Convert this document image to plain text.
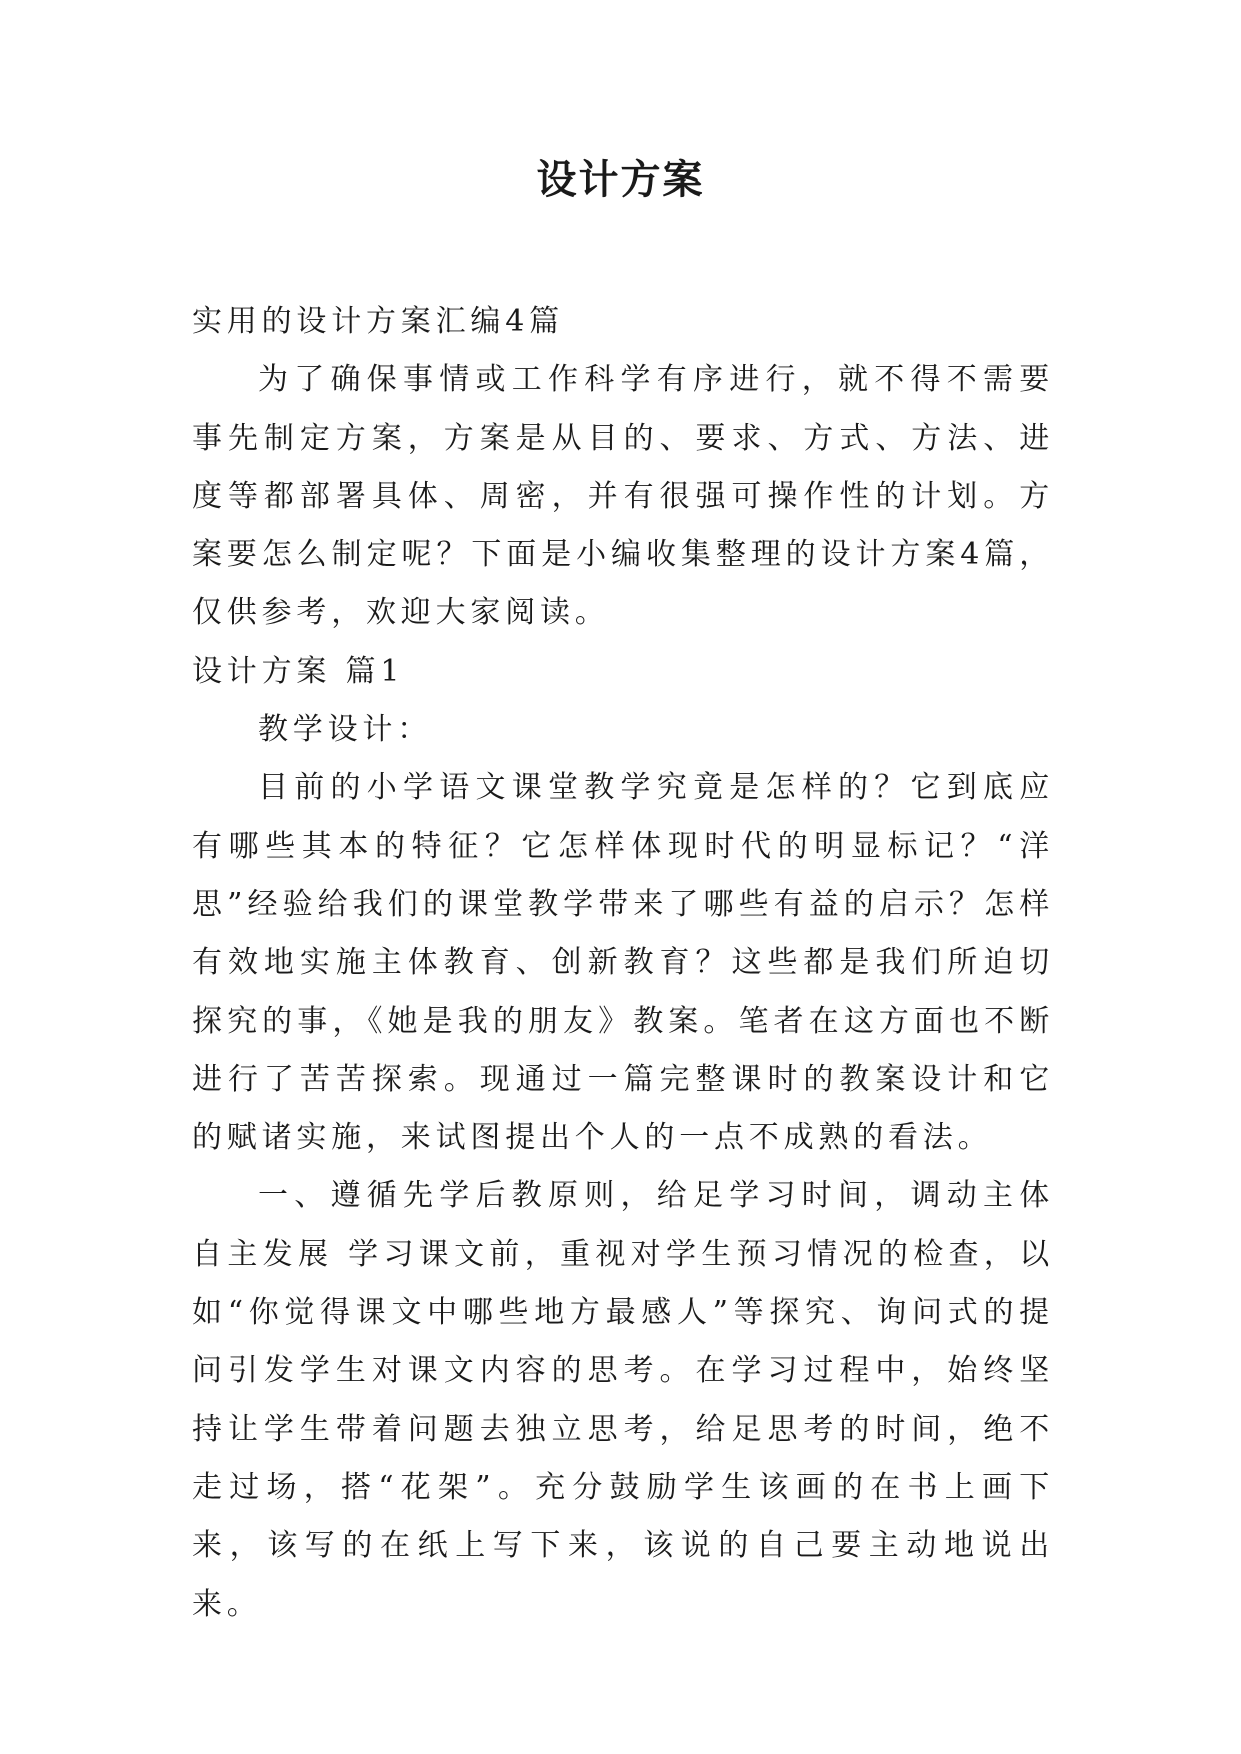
设计方案

实用的设计方案汇编4篇

为了确保事情或工作科学有序进行，就不得不需要事先制定方案，方案是从目的、要求、方式、方法、进度等都部署具体、周密，并有很强可操作性的计划。方案要怎么制定呢？下面是小编收集整理的设计方案4篇，仅供参考，欢迎大家阅读。

设计方案 篇1

教学设计：

目前的小学语文课堂教学究竟是怎样的？它到底应有哪些其本的特征？它怎样体现时代的明显标记？“洋思”经验给我们的课堂教学带来了哪些有益的启示？怎样有效地实施主体教育、创新教育？这些都是我们所迫切探究的事，《她是我的朋友》教案。笔者在这方面也不断进行了苦苦探索。现通过一篇完整课时的教案设计和它的赋诸实施，来试图提出个人的一点不成熟的看法。

一、遵循先学后教原则，给足学习时间，调动主体自主发展 学习课文前，重视对学生预习情况的检查，以如“你觉得课文中哪些地方最感人”等探究、询问式的提问引发学生对课文内容的思考。在学习过程中，始终坚持让学生带着问题去独立思考，给足思考的时间，绝不走过场，搭“花架”。充分鼓励学生该画的在书上画下来，该写的在纸上写下来，该说的自己要主动地说出来。
